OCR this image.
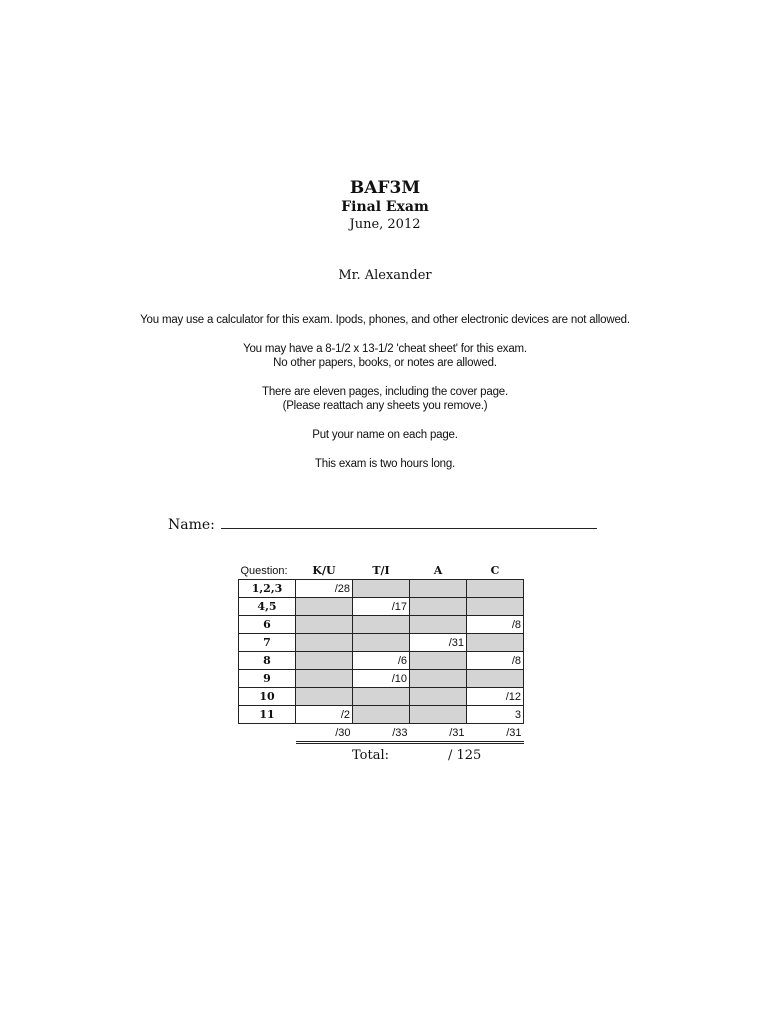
BAF3M
Final Exam
June, 2012
Mr. Alexander
You may use a calculator for this exam. Ipods, phones, and other electronic devices are not allowed.
You may have a 8-1/2 x 13-1/2 'cheat sheet' for this exam.
No other papers, books, or notes are allowed.
There are eleven pages, including the cover page.
(Please reattach any sheets you remove.)
Put your name on each page.
This exam is two hours long.
Name:
Question:	K/U	T/I	A	C
1,2,3	/28			
4,5		/17		
6				/8
7			/31	
8		/6		/8
9		/10		
10				/12
11	/2			3
	/30	/33	/31	/31
Total:	/ 125
